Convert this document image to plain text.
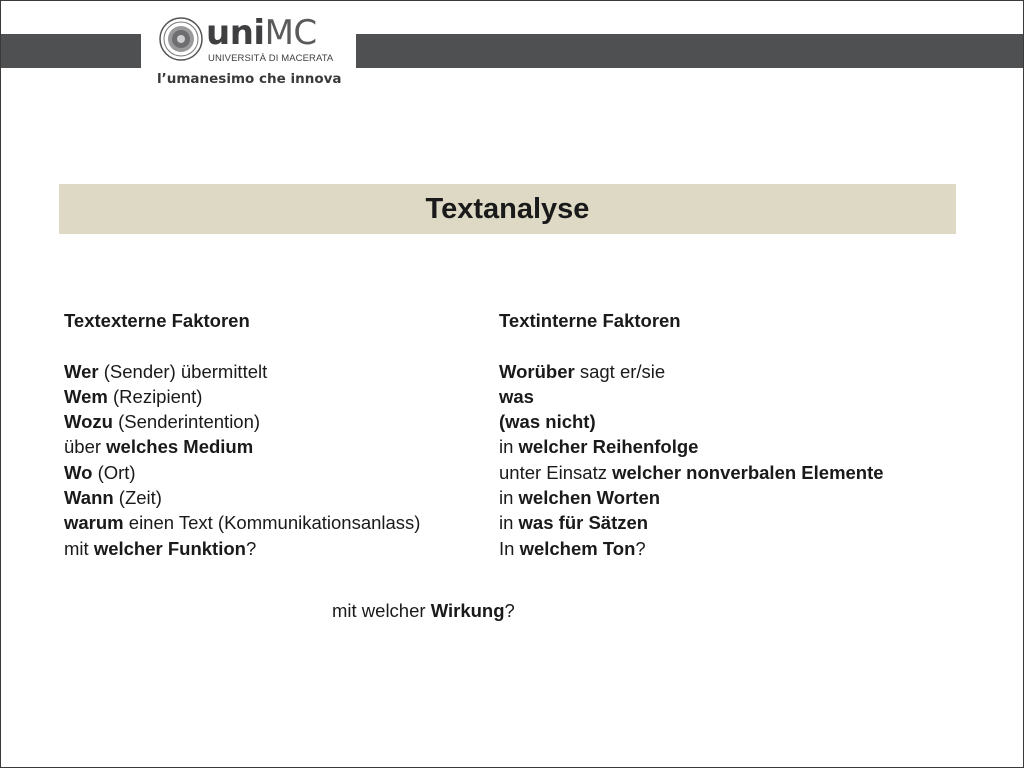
uniMC
UNIVERSITÀ DI MACERATA
l’umanesimo che innova
Textanalyse
Textexterne Faktoren
Wer (Sender) übermittelt
Wem (Rezipient)
Wozu (Senderintention)
über welches Medium
Wo (Ort)
Wann (Zeit)
warum einen Text (Kommunikationsanlass)
mit welcher Funktion?
Textinterne Faktoren
Worüber sagt er/sie
was
(was nicht)
in welcher Reihenfolge
unter Einsatz welcher nonverbalen Elemente
in welchen Worten
in was für Sätzen
In welchem Ton?
mit welcher Wirkung?
